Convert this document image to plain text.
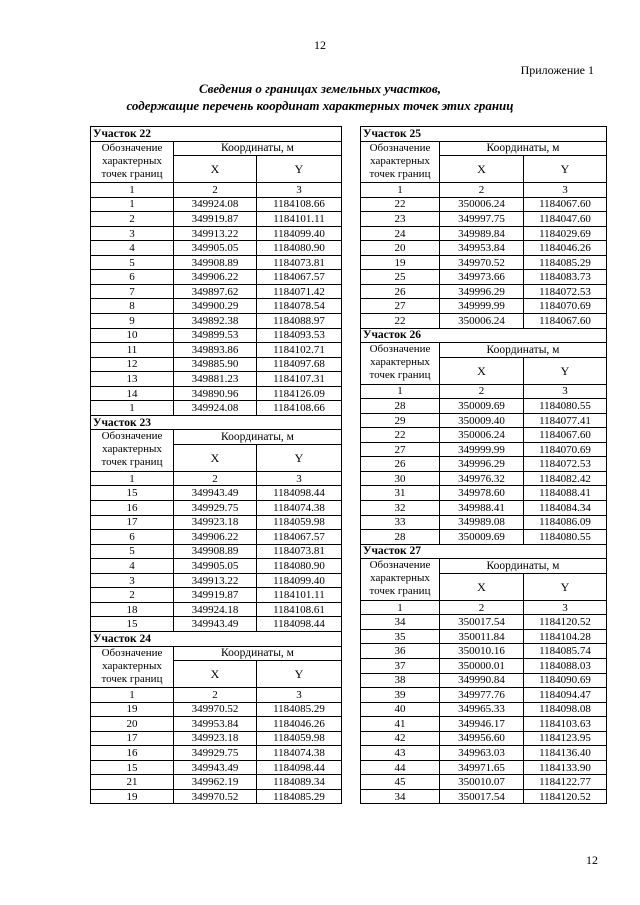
12
Приложение 1
Сведения о границах земельных участков,
содержащие перечень координат характерных точек этих границ
Участок 22		

Обозначение
характерных
точек границ	Координаты, м	
	X	Y
1	2	3
1	349924.08	1184108.66
2	349919.87	1184101.11
3	349913.22	1184099.40
4	349905.05	1184080.90
5	349908.89	1184073.81
6	349906.22	1184067.57
7	349897.62	1184071.42
8	349900.29	1184078.54
9	349892.38	1184088.97
10	349899.53	1184093.53
11	349893.86	1184102.71
12	349885.90	1184097.68
13	349881.23	1184107.31
14	349890.96	1184126.09
1	349924.08	1184108.66
Участок 23		

Обозначение
характерных
точек границ	Координаты, м	
	X	Y
1	2	3
15	349943.49	1184098.44
16	349929.75	1184074.38
17	349923.18	1184059.98
6	349906.22	1184067.57
5	349908.89	1184073.81
4	349905.05	1184080.90
3	349913.22	1184099.40
2	349919.87	1184101.11
18	349924.18	1184108.61
15	349943.49	1184098.44
Участок 24		

Обозначение
характерных
точек границ	Координаты, м	
	X	Y
1	2	3
19	349970.52	1184085.29
20	349953.84	1184046.26
17	349923.18	1184059.98
16	349929.75	1184074.38
15	349943.49	1184098.44
21	349962.19	1184089.34
19	349970.52	1184085.29
Участок 25		

Обозначение
характерных
точек границ	Координаты, м	
	X	Y
1	2	3
22	350006.24	1184067.60
23	349997.75	1184047.60
24	349989.84	1184029.69
20	349953.84	1184046.26
19	349970.52	1184085.29
25	349973.66	1184083.73
26	349996.29	1184072.53
27	349999.99	1184070.69
22	350006.24	1184067.60
Участок 26		

Обозначение
характерных
точек границ	Координаты, м	
	X	Y
1	2	3
28	350009.69	1184080.55
29	350009.40	1184077.41
22	350006.24	1184067.60
27	349999.99	1184070.69
26	349996.29	1184072.53
30	349976.32	1184082.42
31	349978.60	1184088.41
32	349988.41	1184084.34
33	349989.08	1184086.09
28	350009.69	1184080.55
Участок 27		

Обозначение
характерных
точек границ	Координаты, м	
	X	Y
1	2	3
34	350017.54	1184120.52
35	350011.84	1184104.28
36	350010.16	1184085.74
37	350000.01	1184088.03
38	349990.84	1184090.69
39	349977.76	1184094.47
40	349965.33	1184098.08
41	349946.17	1184103.63
42	349956.60	1184123.95
43	349963.03	1184136.40
44	349971.65	1184133.90
45	350010.07	1184122.77
34	350017.54	1184120.52
12
